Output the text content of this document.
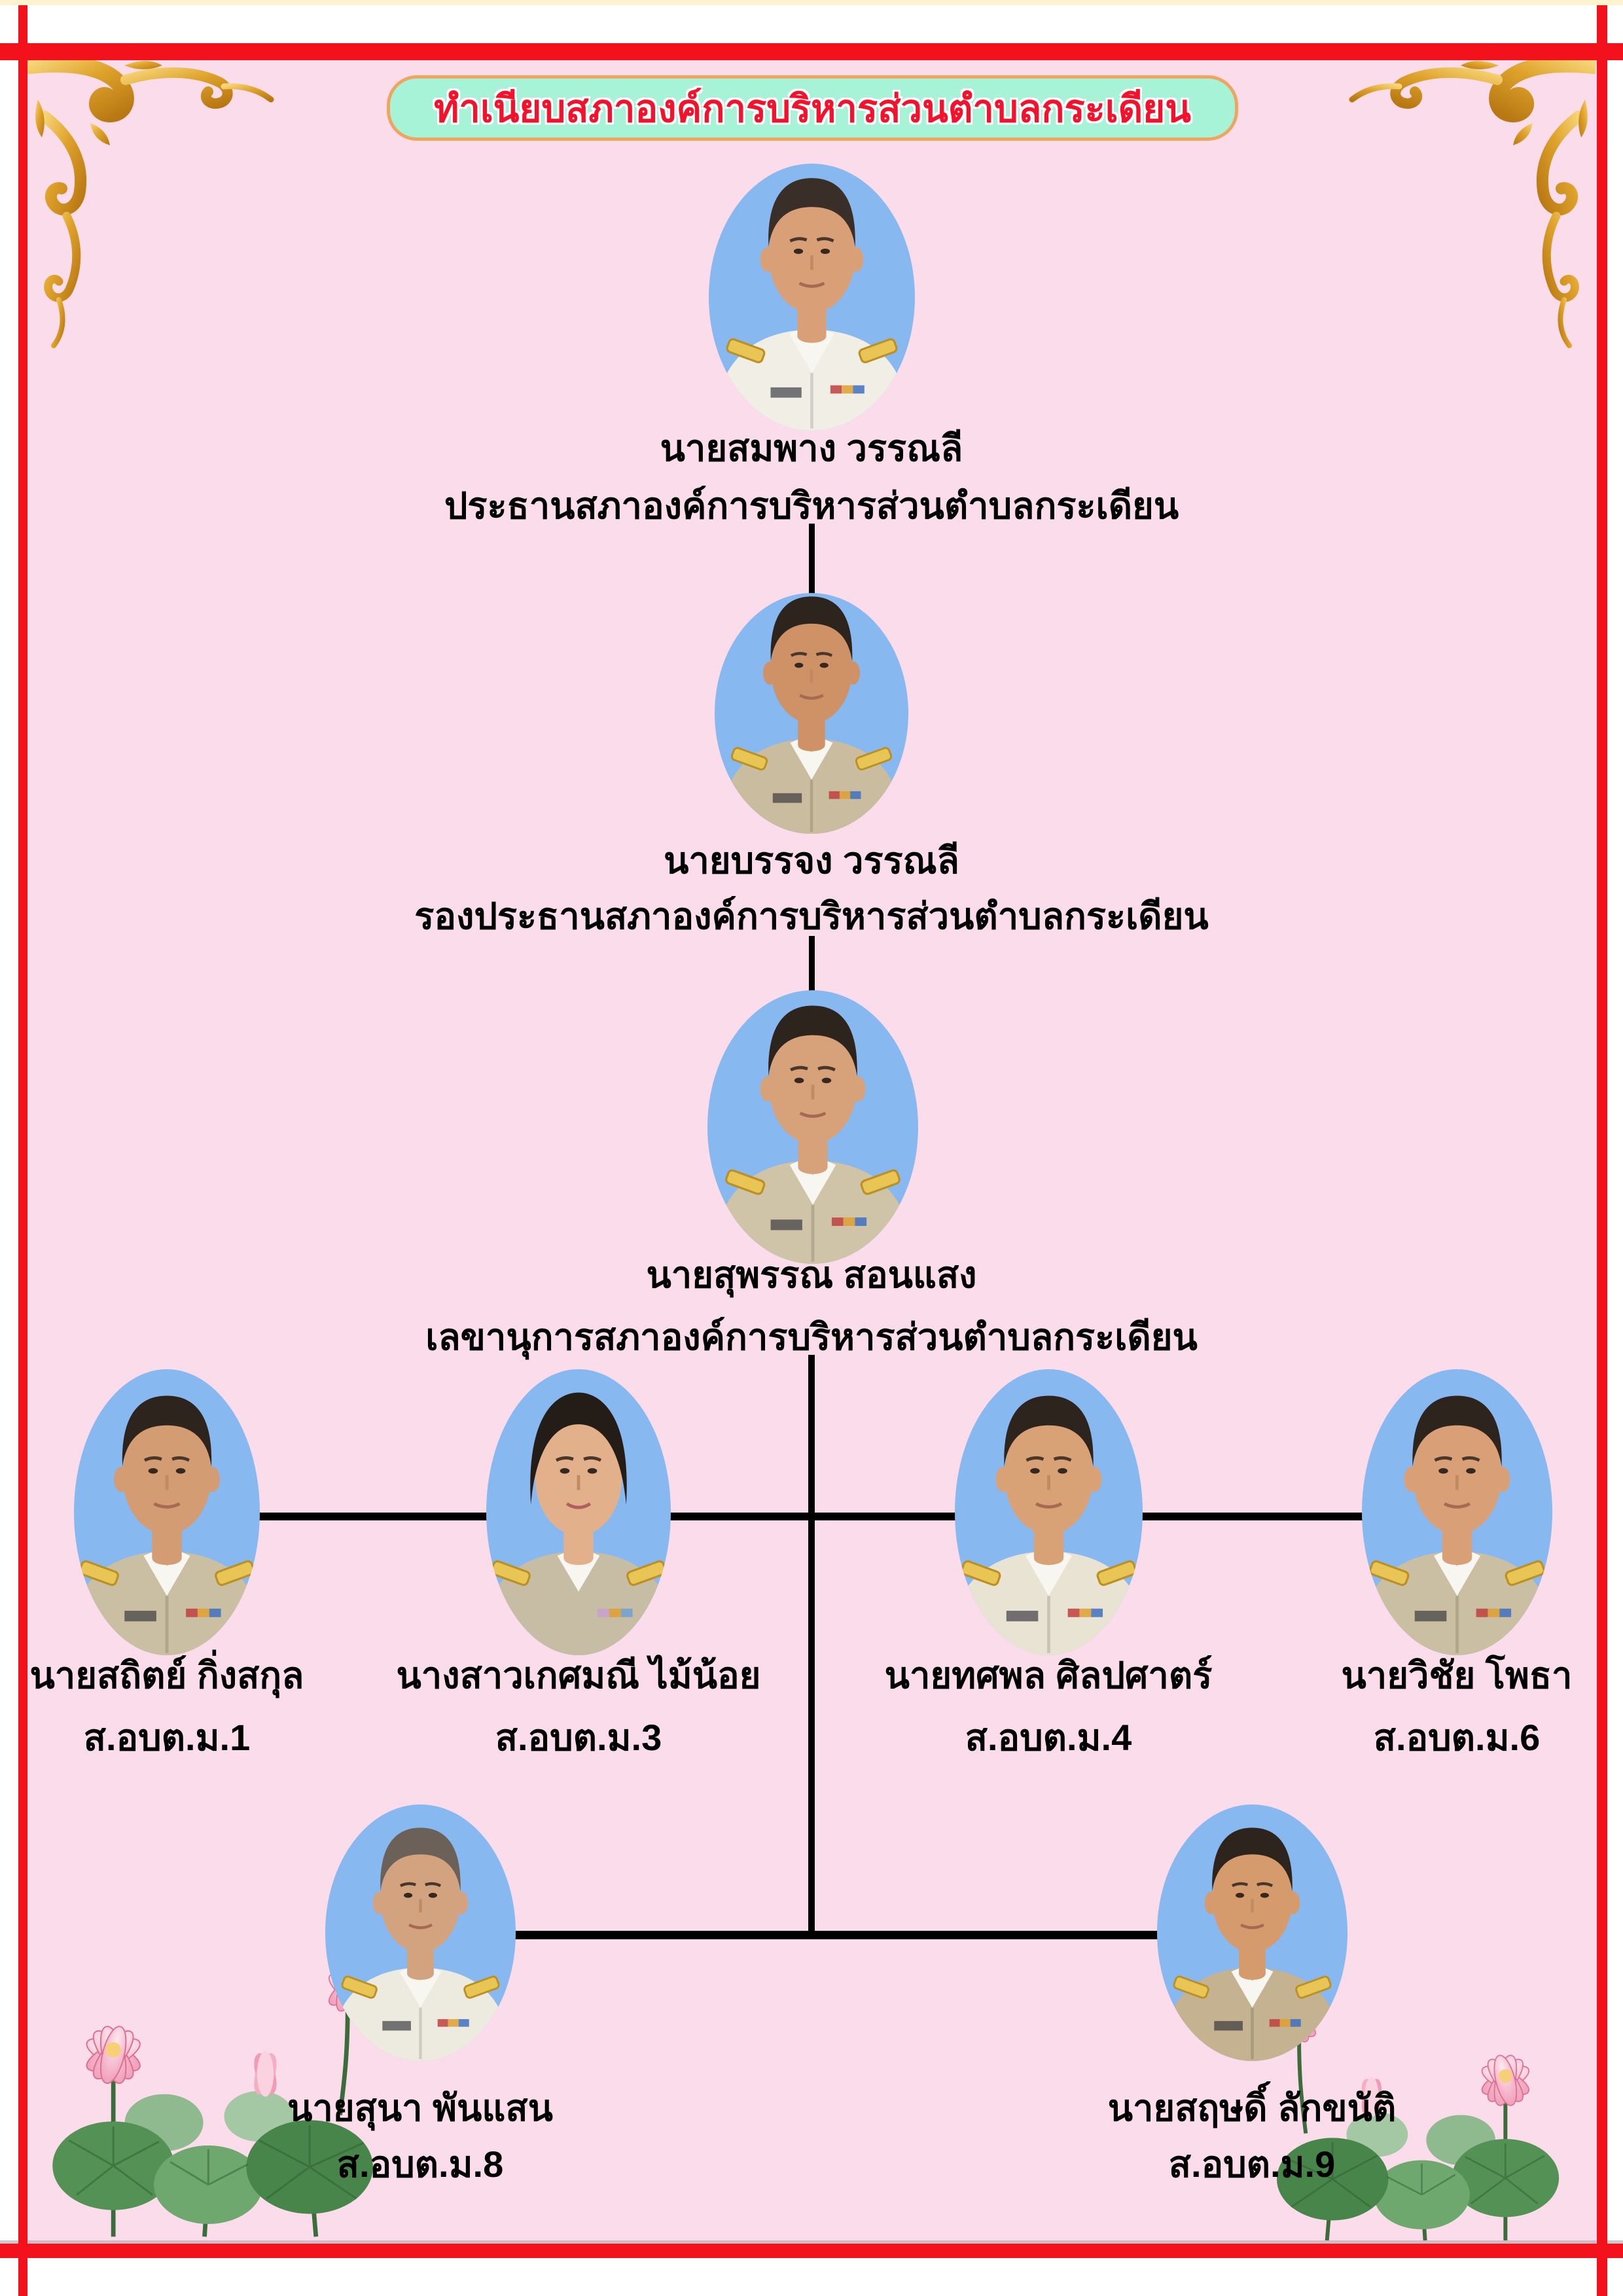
ทำเนียบสภาองค์การบริหารส่วนตำบลกระเดียน
นายสมพาง วรรณลี
ประธานสภาองค์การบริหารส่วนตำบลกระเดียน
นายบรรจง วรรณลี
รองประธานสภาองค์การบริหารส่วนตำบลกระเดียน
นายสุพรรณ สอนแสง
เลขานุการสภาองค์การบริหารส่วนตำบลกระเดียน
นายสถิตย์ กิ่งสกุล
ส.อบต.ม.1
นางสาวเกศมณี ไม้น้อย
ส.อบต.ม.3
นายทศพล ศิลปศาตร์
ส.อบต.ม.4
นายวิชัย โพธา
ส.อบต.ม.6
นายสุนา พันแสน
ส.อบต.ม.8
นายสฤษดิ์ ลักขนัติ
ส.อบต.ม.9
